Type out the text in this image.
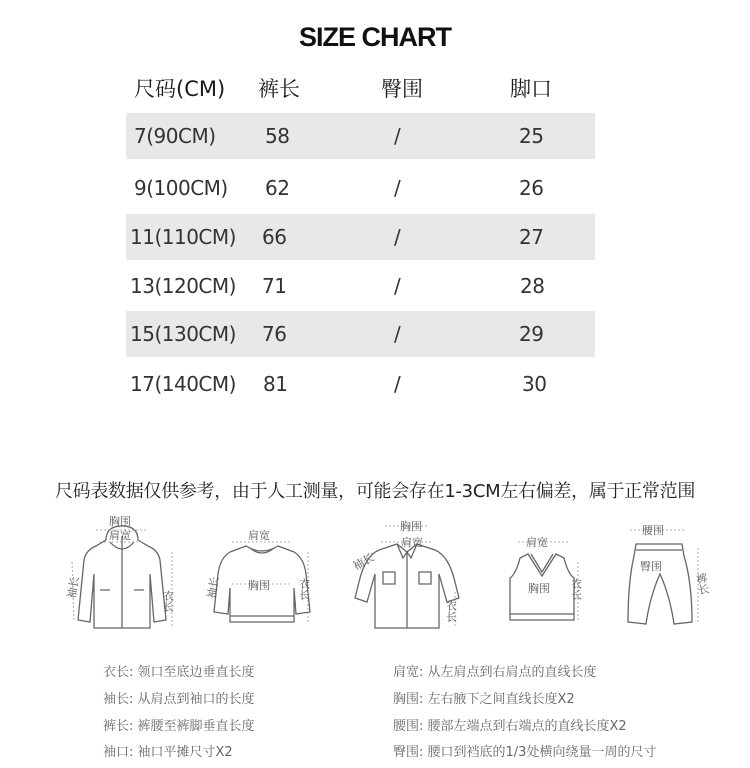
SIZE CHART
尺码(CM) 裤长	臀围	脚口
7(90CM) 58	/	25
9(100CM) 62	/	26
11(110CM) 66	/	27
13(120CM) 71	/	28
15(130CM) 76	/	29
17(140CM) 81	/	30
尺码表数据仅供参考，由于人工测量，可能会存在1-3CM左右偏差，属于正常范围
胸围
肩宽
袖长
衣长
肩宽
胸围
袖长	衣长
胸围
肩宽
袖长
衣长
肩宽
胸围 衣长
腰围
臀围
裤长
衣长: 领口至底边垂直长度
袖长: 从肩点到袖口的长度
裤长: 裤腰至裤脚垂直长度
袖口: 袖口平摊尺寸X2
肩宽: 从左肩点到右肩点的直线长度
胸围: 左右腋下之间直线长度X2
腰围: 腰部左端点到右端点的直线长度X2
臀围: 腰口到裆底的1/3处横向绕量一周的尺寸
